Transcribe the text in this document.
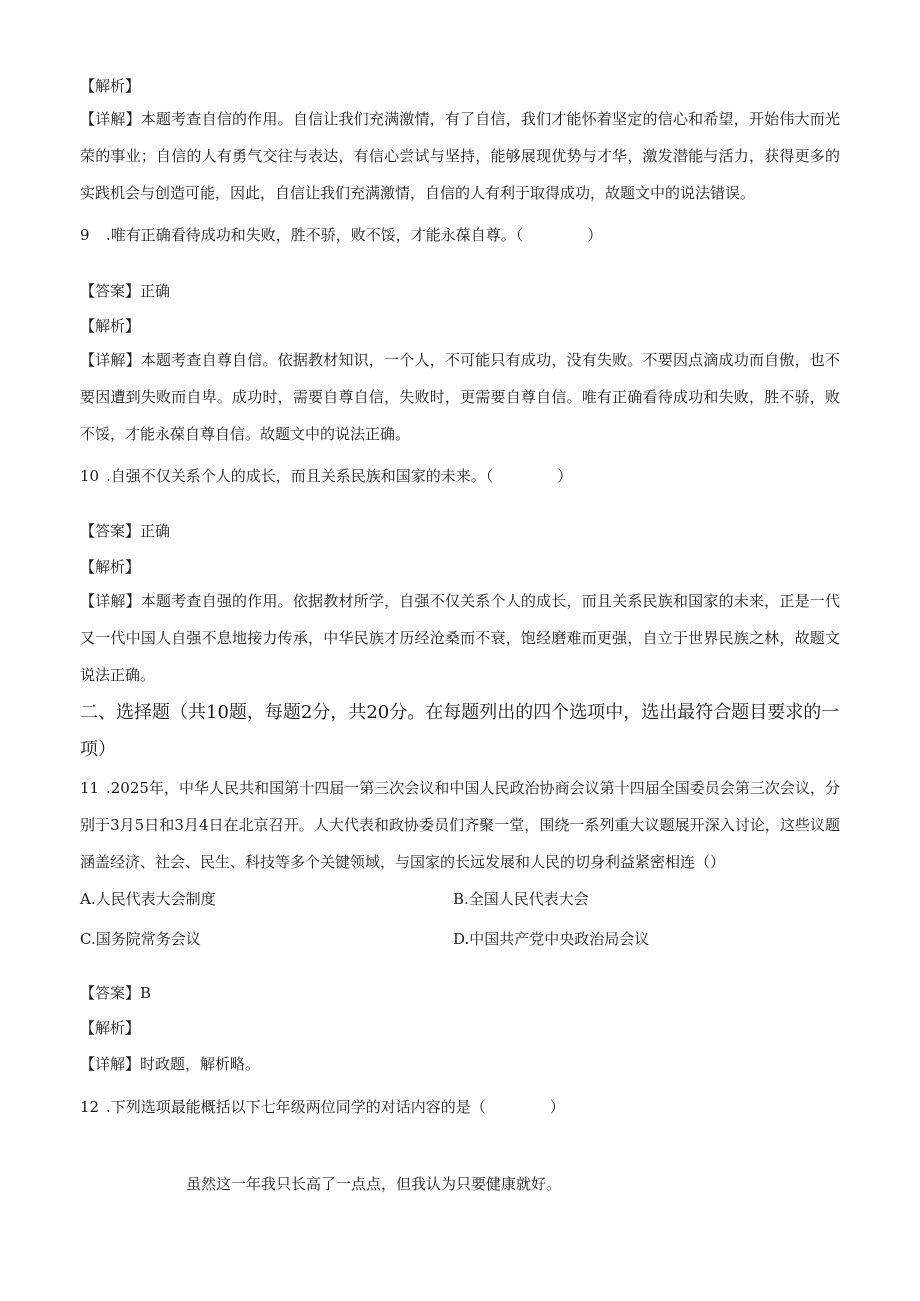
【解析】
【详解】本题考查自信的作用。自信让我们充满激情，有了自信，我们才能怀着坚定的信心和希望，开始伟大而光荣的事业；自信的人有勇气交往与表达，有信心尝试与坚持，能够展现优势与才华，激发潜能与活力，获得更多的实践机会与创造可能，因此，自信让我们充满激情，自信的人有利于取得成功，故题文中的说法错误。
9 .唯有正确看待成功和失败，胜不骄，败不馁，才能永葆自尊。（	）
【答案】正确
【解析】
【详解】本题考查自尊自信。依据教材知识，一个人，不可能只有成功，没有失败。不要因点滴成功而自傲，也不要因遭到失败而自卑。成功时，需要自尊自信，失败时，更需要自尊自信。唯有正确看待成功和失败，胜不骄，败不馁，才能永葆自尊自信。故题文中的说法正确。
10 .自强不仅关系个人的成长，而且关系民族和国家的未来。（	）
【答案】正确
【解析】
【详解】本题考查自强的作用。依据教材所学，自强不仅关系个人的成长，而且关系民族和国家的未来，正是一代又一代中国人自强不息地接力传承，中华民族才历经沧桑而不衰，饱经磨难而更强，自立于世界民族之林，故题文说法正确。
二、选择题（共10题，每题2分，共20分。在每题列出的四个选项中，选出最符合题目要求的一项）
11 .2025年，中华人民共和国第十四届一第三次会议和中国人民政治协商会议第十四届全国委员会第三次会议，分别于3月5日和3月4日在北京召开。人大代表和政协委员们齐聚一堂，围绕一系列重大议题展开深入讨论，这些议题涵盖经济、社会、民生、科技等多个关键领域，与国家的长远发展和人民的切身利益紧密相连（）
A.人民代表大会制度	B.全国人民代表大会
C.国务院常务会议	D.中国共产党中央政治局会议
【答案】B
【解析】
【详解】时政题，解析略。
12 .下列选项最能概括以下七年级两位同学的对话内容的是（	）
虽然这一年我只长高了一点点，但我认为只要健康就好。
